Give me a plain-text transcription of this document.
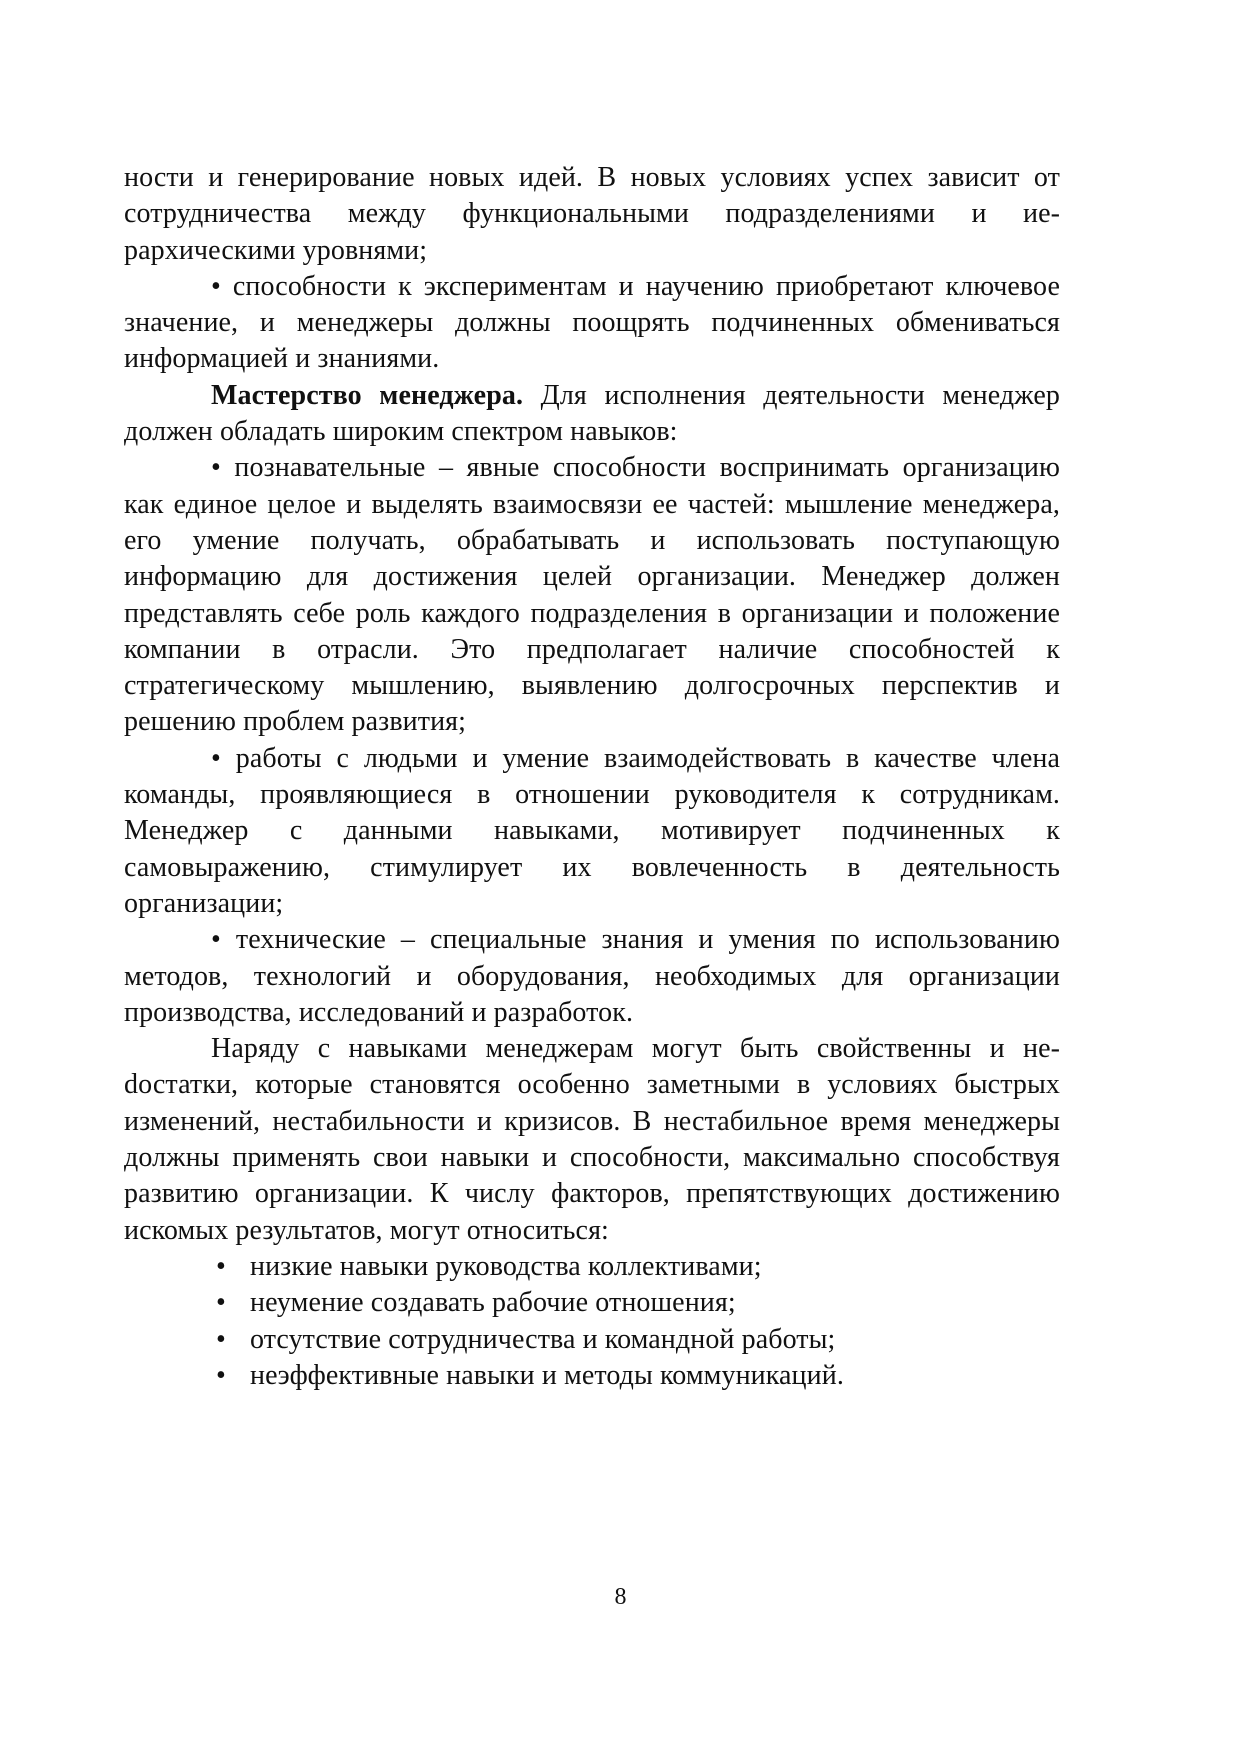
ности и генерирование новых идей. В новых условиях успех зависит от сотрудничества между функциональными подразделениями и иерархическими уровнями;

• способности к экспериментам и научению приобретают ключевое значение, и менеджеры должны поощрять подчиненных обмениваться информацией и знаниями.

Мастерство менеджера. Для исполнения деятельности менеджер должен обладать широким спектром навыков:

• познавательные – явные способности воспринимать организацию как единое целое и выделять взаимосвязи ее частей: мышление менеджера, его умение получать, обрабатывать и использовать поступающую информацию для достижения целей организации. Менеджер должен представлять себе роль каждого подразделения в организации и положение компании в отрасли. Это предполагает наличие способностей к стратегическому мышлению, выявлению долгосрочных перспектив и решению проблем развития;

• работы с людьми и умение взаимодействовать в качестве члена команды, проявляющиеся в отношении руководителя к сотрудникам. Менеджер с данными навыками, мотивирует подчиненных к самовыражению, стимулирует их вовлеченность в деятельность организации;

• технические – специальные знания и умения по использованию методов, технологий и оборудования, необходимых для организации производства, исследований и разработок.

Наряду с навыками менеджерам могут быть свойственны и неdостатки, которые становятся особенно заметными в условиях быстрых изменений, нестабильности и кризисов. В нестабильное время менеджеры должны применять свои навыки и способности, максимально способствуя развитию организации. К числу факторов, препятствующих достижению искомых результатов, могут относиться:

• низкие навыки руководства коллективами;
• неумение создавать рабочие отношения;
• отсутствие сотрудничества и командной работы;
• неэффективные навыки и методы коммуникаций.
8
